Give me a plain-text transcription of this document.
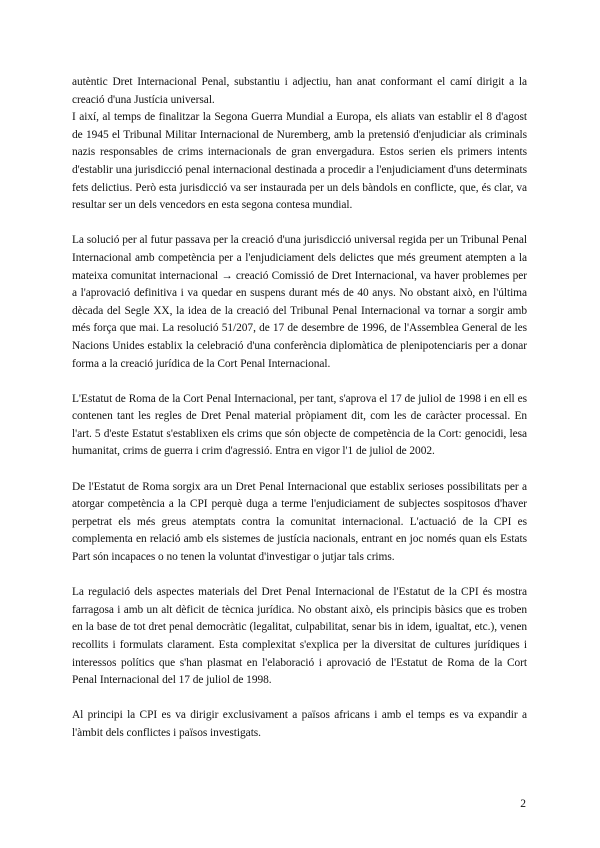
autèntic Dret Internacional Penal, substantiu i adjectiu, han anat conformant el camí dirigit a la creació d'una Justícia universal.

I així, al temps de finalitzar la Segona Guerra Mundial a Europa, els aliats van establir el 8 d'agost de 1945 el Tribunal Militar Internacional de Nuremberg, amb la pretensió d'enjudiciar als criminals nazis responsables de crims internacionals de gran envergadura. Estos serien els primers intents d'establir una jurisdicció penal internacional destinada a procedir a l'enjudiciament d'uns determinats fets delictius. Però esta jurisdicció va ser instaurada per un dels bàndols en conflicte, que, és clar, va resultar ser un dels vencedors en esta segona contesa mundial.

La solució per al futur passava per la creació d'una jurisdicció universal regida per un Tribunal Penal Internacional amb competència per a l'enjudiciament dels delictes que més greument atempten a la mateixa comunitat internacional → creació Comissió de Dret Internacional, va haver problemes per a l'aprovació definitiva i va quedar en suspens durant més de 40 anys. No obstant això, en l'última dècada del Segle XX, la idea de la creació del Tribunal Penal Internacional va tornar a sorgir amb més força que mai. La resolució 51/207, de 17 de desembre de 1996, de l'Assemblea General de les Nacions Unides establix la celebració d'una conferència diplomàtica de plenipotenciaris per a donar forma a la creació jurídica de la Cort Penal Internacional.

L'Estatut de Roma de la Cort Penal Internacional, per tant, s'aprova el 17 de juliol de 1998 i en ell es contenen tant les regles de Dret Penal material pròpiament dit, com les de caràcter processal. En l'art. 5 d'este Estatut s'establixen els crims que són objecte de competència de la Cort: genocidi, lesa humanitat, crims de guerra i crim d'agressió. Entra en vigor l'1 de juliol de 2002.

De l'Estatut de Roma sorgix ara un Dret Penal Internacional que establix serioses possibilitats per a atorgar competència a la CPI perquè duga a terme l'enjudiciament de subjectes sospitosos d'haver perpetrat els més greus atemptats contra la comunitat internacional. L'actuació de la CPI es complementa en relació amb els sistemes de justícia nacionals, entrant en joc només quan els Estats Part són incapaces o no tenen la voluntat d'investigar o jutjar tals crims.

La regulació dels aspectes materials del Dret Penal Internacional de l'Estatut de la CPI és mostra farragosa i amb un alt dèficit de tècnica jurídica. No obstant això, els principis bàsics que es troben en la base de tot dret penal democràtic (legalitat, culpabilitat, senar bis in idem, igualtat, etc.), venen recollits i formulats clarament. Esta complexitat s'explica per la diversitat de cultures jurídiques i interessos polítics que s'han plasmat en l'elaboració i aprovació de l'Estatut de Roma de la Cort Penal Internacional del 17 de juliol de 1998.

Al principi la CPI es va dirigir exclusivament a països africans i amb el temps es va expandir a l'àmbit dels conflictes i països investigats.

2
